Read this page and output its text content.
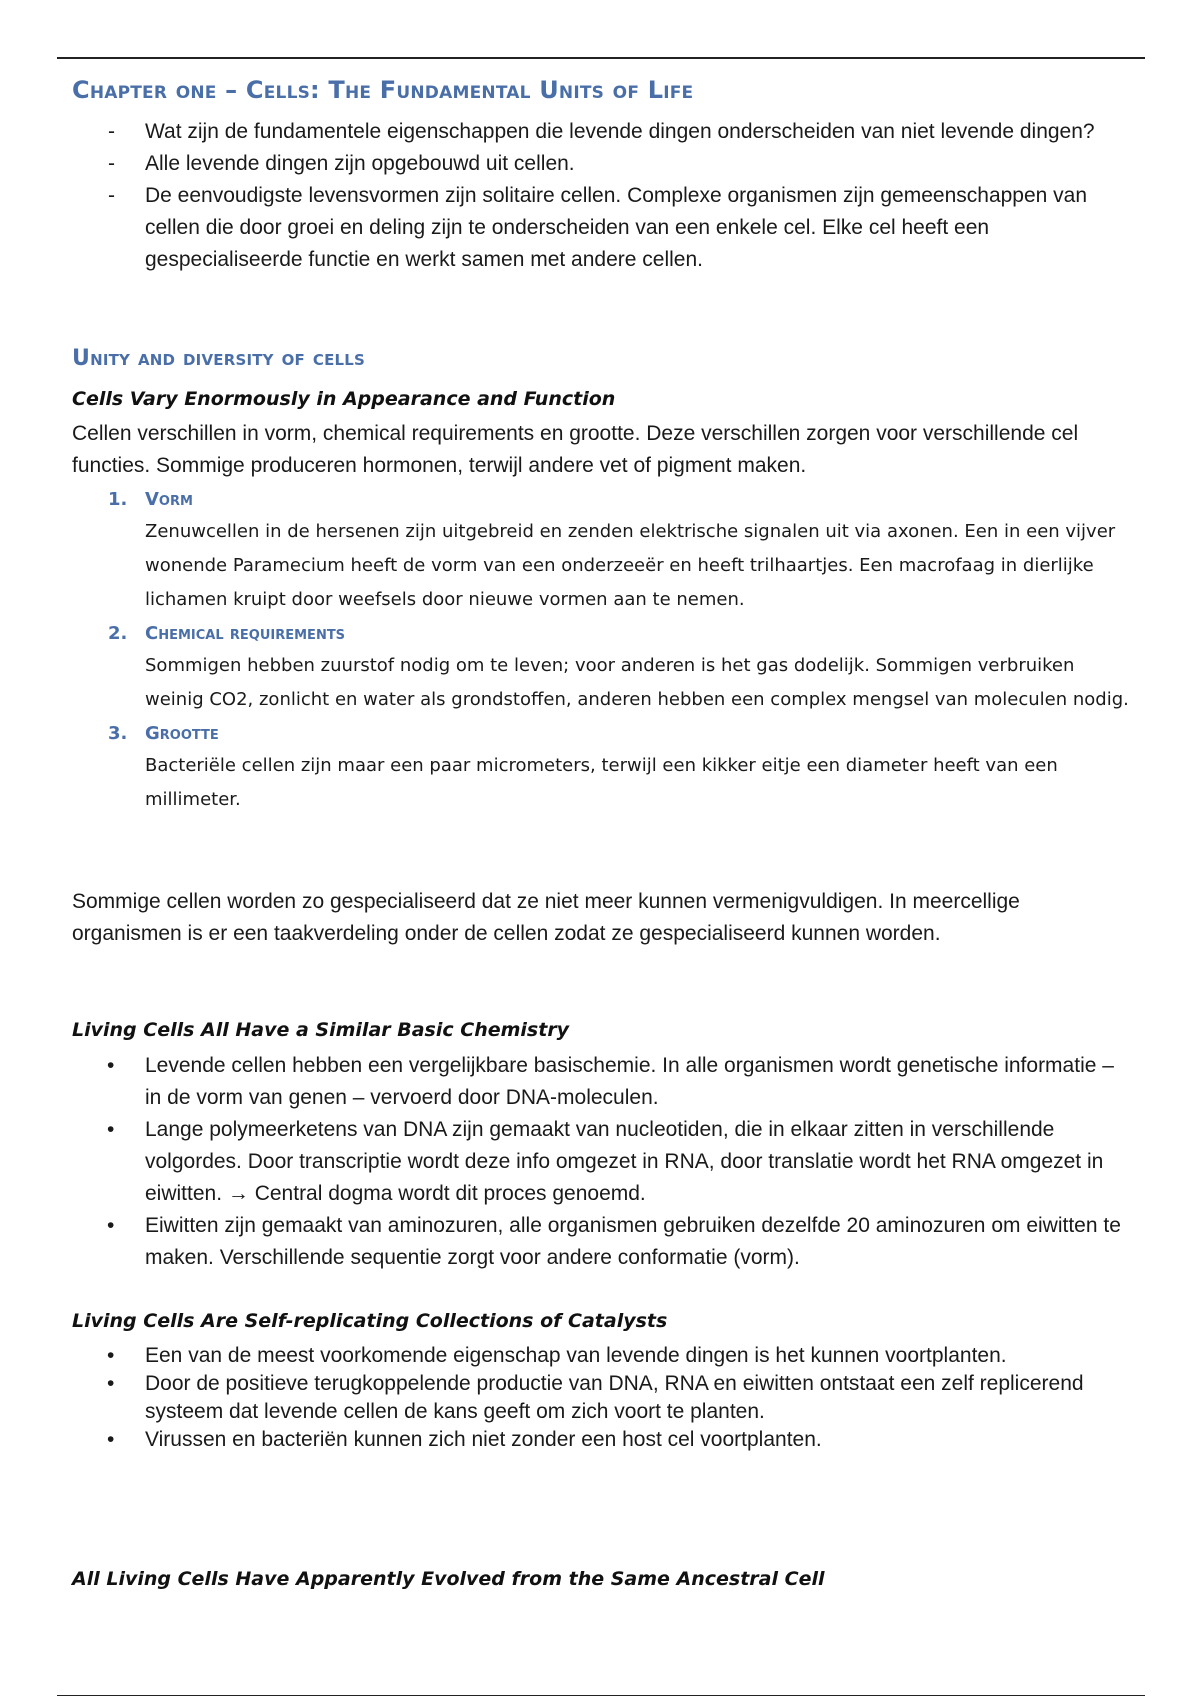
Chapter one – Cells: The Fundamental Units of Life
- Wat zijn de fundamentele eigenschappen die levende dingen onderscheiden van niet levende dingen?
- Alle levende dingen zijn opgebouwd uit cellen.
- De eenvoudigste levensvormen zijn solitaire cellen. Complexe organismen zijn gemeenschappen van cellen die door groei en deling zijn te onderscheiden van een enkele cel. Elke cel heeft een gespecialiseerde functie en werkt samen met andere cellen.
Unity and diversity of cells
Cells Vary Enormously in Appearance and Function

Cellen verschillen in vorm, chemical requirements en grootte. Deze verschillen zorgen voor verschillende cel functies. Sommige produceren hormonen, terwijl andere vet of pigment maken.

1. Vorm

Zenuwcellen in de hersenen zijn uitgebreid en zenden elektrische signalen uit via axonen. Een in een vijver wonende Paramecium heeft de vorm van een onderzeeër en heeft trilhaartjes. Een macrofaag in dierlijke lichamen kruipt door weefsels door nieuwe vormen aan te nemen.

2. Chemical requirements

Sommigen hebben zuurstof nodig om te leven; voor anderen is het gas dodelijk. Sommigen verbruiken weinig CO2, zonlicht en water als grondstoffen, anderen hebben een complex mengsel van moleculen nodig.

3. Grootte

Bacteriële cellen zijn maar een paar micrometers, terwijl een kikker eitje een diameter heeft van een millimeter.

Sommige cellen worden zo gespecialiseerd dat ze niet meer kunnen vermenigvuldigen. In meercellige organismen is er een taakverdeling onder de cellen zodat ze gespecialiseerd kunnen worden.

Living Cells All Have a Similar Basic Chemistry
• Levende cellen hebben een vergelijkbare basischemie. In alle organismen wordt genetische informatie – in de vorm van genen – vervoerd door DNA-moleculen.
• Lange polymeerketens van DNA zijn gemaakt van nucleotiden, die in elkaar zitten in verschillende volgordes. Door transcriptie wordt deze info omgezet in RNA, door translatie wordt het RNA omgezet in eiwitten. → Central dogma wordt dit proces genoemd.
• Eiwitten zijn gemaakt van aminozuren, alle organismen gebruiken dezelfde 20 aminozuren om eiwitten te maken. Verschillende sequentie zorgt voor andere conformatie (vorm).
Living Cells Are Self-replicating Collections of Catalysts
• Een van de meest voorkomende eigenschap van levende dingen is het kunnen voortplanten.
• Door de positieve terugkoppelende productie van DNA, RNA en eiwitten ontstaat een zelf replicerend systeem dat levende cellen de kans geeft om zich voort te planten.
• Virussen en bacteriën kunnen zich niet zonder een host cel voortplanten.
All Living Cells Have Apparently Evolved from the Same Ancestral Cell
